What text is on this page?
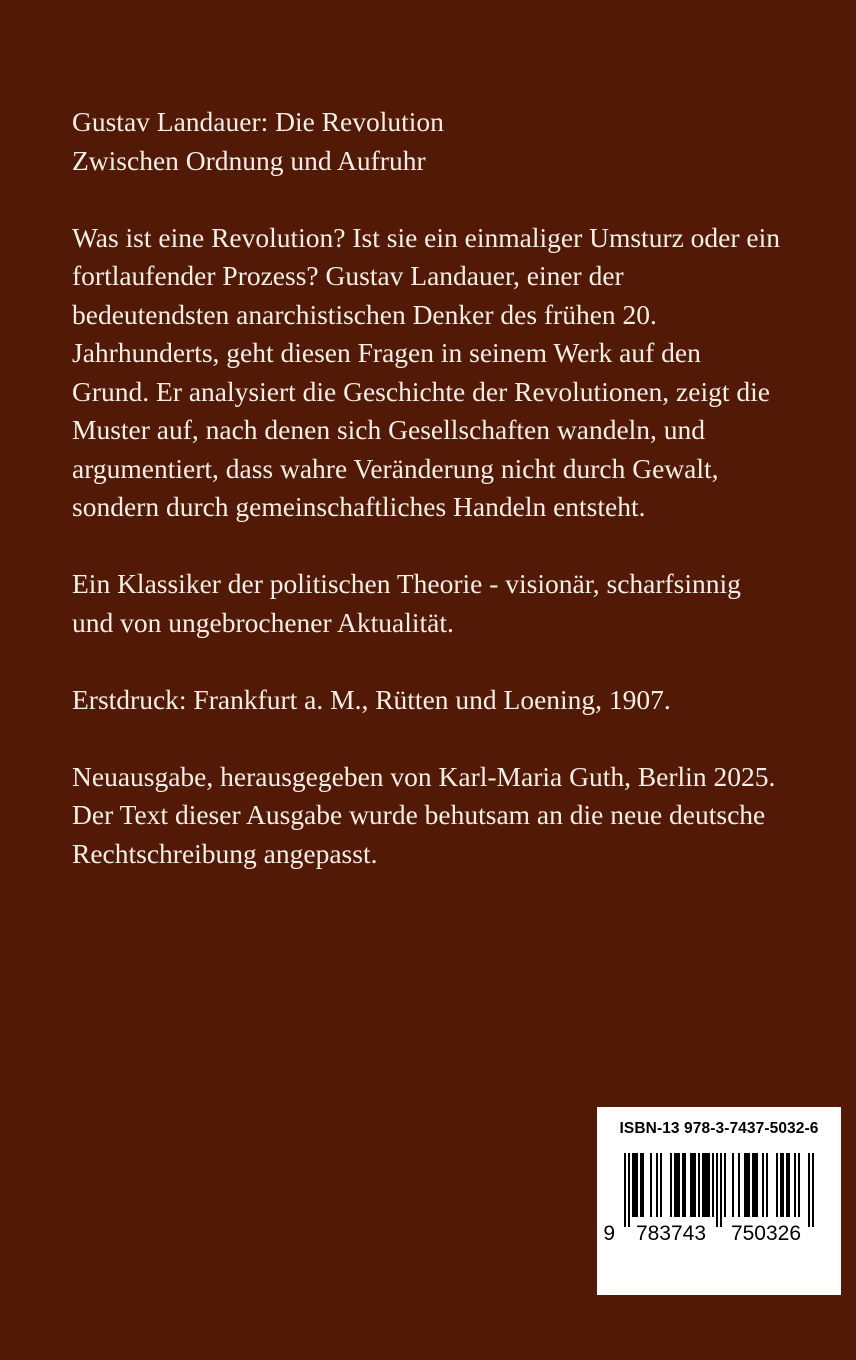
Gustav Landauer: Die Revolution
Zwischen Ordnung und Aufruhr

Was ist eine Revolution? Ist sie ein einmaliger Umsturz oder ein
fortlaufender Prozess? Gustav Landauer, einer der
bedeutendsten anarchistischen Denker des frühen 20.
Jahrhunderts, geht diesen Fragen in seinem Werk auf den
Grund. Er analysiert die Geschichte der Revolutionen, zeigt die
Muster auf, nach denen sich Gesellschaften wandeln, und
argumentiert, dass wahre Veränderung nicht durch Gewalt,
sondern durch gemeinschaftliches Handeln entsteht.

Ein Klassiker der politischen Theorie - visionär, scharfsinnig
und von ungebrochener Aktualität.

Erstdruck: Frankfurt a. M., Rütten und Loening, 1907.

Neuausgabe, herausgegeben von Karl-Maria Guth, Berlin 2025.
Der Text dieser Ausgabe wurde behutsam an die neue deutsche
Rechtschreibung angepasst.

ISBN-13 978-3-7437-5032-6
9 783743 750326
